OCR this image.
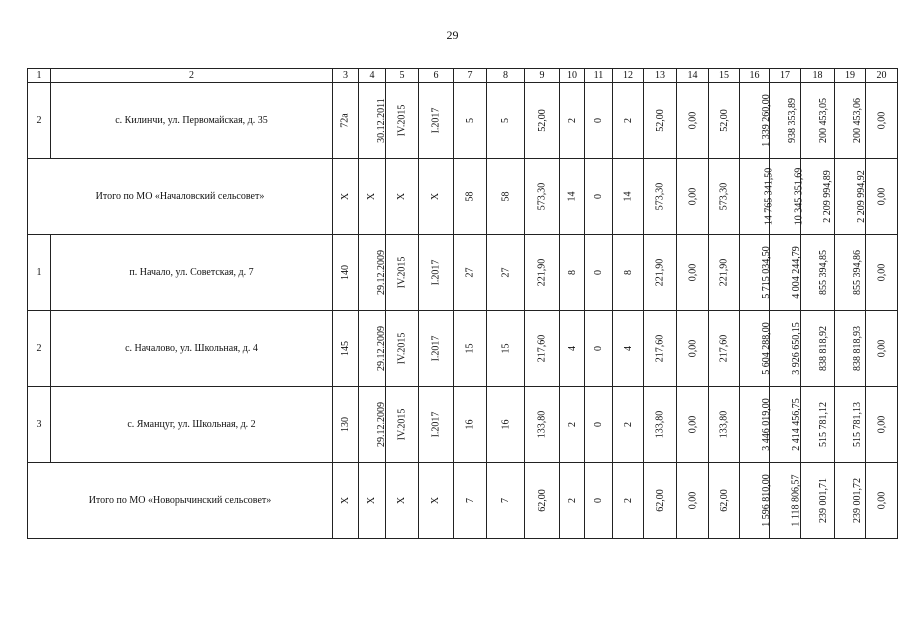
29
1	2	3	4	5	6	7	8	9	10	11	12	13	14	15	16	17	18	19	20
2	с. Килинчи, ул. Первомайская, д. 35	72а	30.12.2011	IV.2015	I.2017	5	5	52,00	2	0	2	52,00	0,00	52,00	1 339 260,00	938 353,89	200 453,05	200 453,06	0,00
Итого по МО «Началовский сельсовет»		Х	Х	Х	Х	58	58	573,30	14	0	14	573,30	0,00	573,30	14 765 341,50	10 345 351,69	2 209 994,89	2 209 994,92	0,00
1	п. Начало, ул. Советская, д. 7	140	29.12.2009	IV.2015	I.2017	27	27	221,90	8	0	8	221,90	0,00	221,90	5 715 034,50	4 004 244,79	855 394,85	855 394,86	0,00
2	с. Началово, ул. Школьная, д. 4	145	29.12.2009	IV.2015	I.2017	15	15	217,60	4	0	4	217,60	0,00	217,60	5 604 288,00	3 926 650,15	838 818,92	838 818,93	0,00
3	с. Яманцуг, ул. Школьная, д. 2	130	29.12.2009	IV.2015	I.2017	16	16	133,80	2	0	2	133,80	0,00	133,80	3 446 019,00	2 414 456,75	515 781,12	515 781,13	0,00
Итого по МО «Новорычинский сельсовет»		Х	Х	Х	Х	7	7	62,00	2	0	2	62,00	0,00	62,00	1 596 810,00	1 118 806,57	239 001,71	239 001,72	0,00
